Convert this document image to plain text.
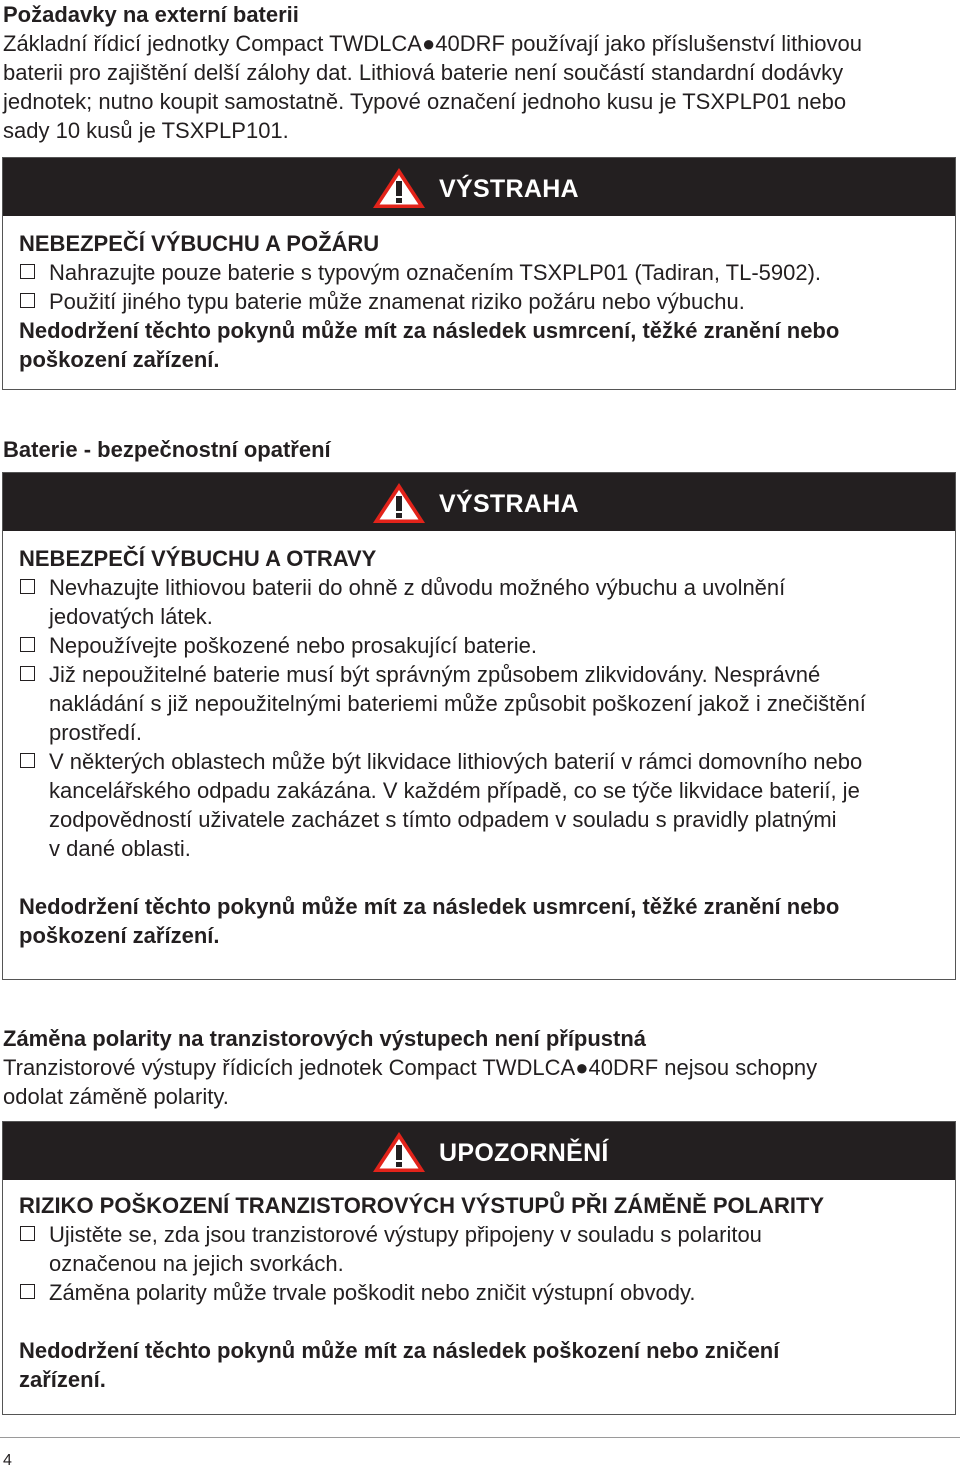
Požadavky na externí baterii

Základní řídicí jednotky Compact TWDLCA●40DRF používají jako příslušenství lithiovou

baterii pro zajištění delší zálohy dat. Lithiová baterie není součástí standardní dodávky

jednotek; nutno koupit samostatně. Typové označení jednoho kusu je TSXPLP01 nebo

sady 10 kusů je TSXPLP101.

VÝSTRAHA
NEBEZPEČÍ VÝBUCHU A POŽÁRU
Nahrazujte pouze baterie s typovým označením TSXPLP01 (Tadiran, TL-5902).
Použití jiného typu baterie může znamenat riziko požáru nebo výbuchu.
Nedodržení těchto pokynů může mít za následek usmrcení, těžké zranění nebo
poškození zařízení.

Baterie - bezpečnostní opatření

VÝSTRAHA
NEBEZPEČÍ VÝBUCHU A OTRAVY
Nevhazujte lithiovou baterii do ohně z důvodu možného výbuchu a uvolnění
jedovatých látek.
Nepoužívejte poškozené nebo prosakující baterie.
Již nepoužitelné baterie musí být správným způsobem zlikvidovány. Nesprávné
nakládání s již nepoužitelnými bateriemi může způsobit poškození jakož i znečištění
prostředí.
V některých oblastech může být likvidace lithiových baterií v rámci domovního nebo
kancelářského odpadu zakázána. V každém případě, co se týče likvidace baterií, je
zodpovědností uživatele zacházet s tímto odpadem v souladu s pravidly platnými
v dané oblasti.
Nedodržení těchto pokynů může mít za následek usmrcení, těžké zranění nebo
poškození zařízení.

Záměna polarity na tranzistorových výstupech není přípustná

Tranzistorové výstupy řídicích jednotek Compact TWDLCA●40DRF nejsou schopny

odolat záměně polarity.

UPOZORNĚNÍ
RIZIKO POŠKOZENÍ TRANZISTOROVÝCH VÝSTUPŮ PŘI ZÁMĚNĚ POLARITY
Ujistěte se, zda jsou tranzistorové výstupy připojeny v souladu s polaritou
označenou na jejich svorkách.
Záměna polarity může trvale poškodit nebo zničit výstupní obvody.
Nedodržení těchto pokynů může mít za následek poškození nebo zničení
zařízení.
4
